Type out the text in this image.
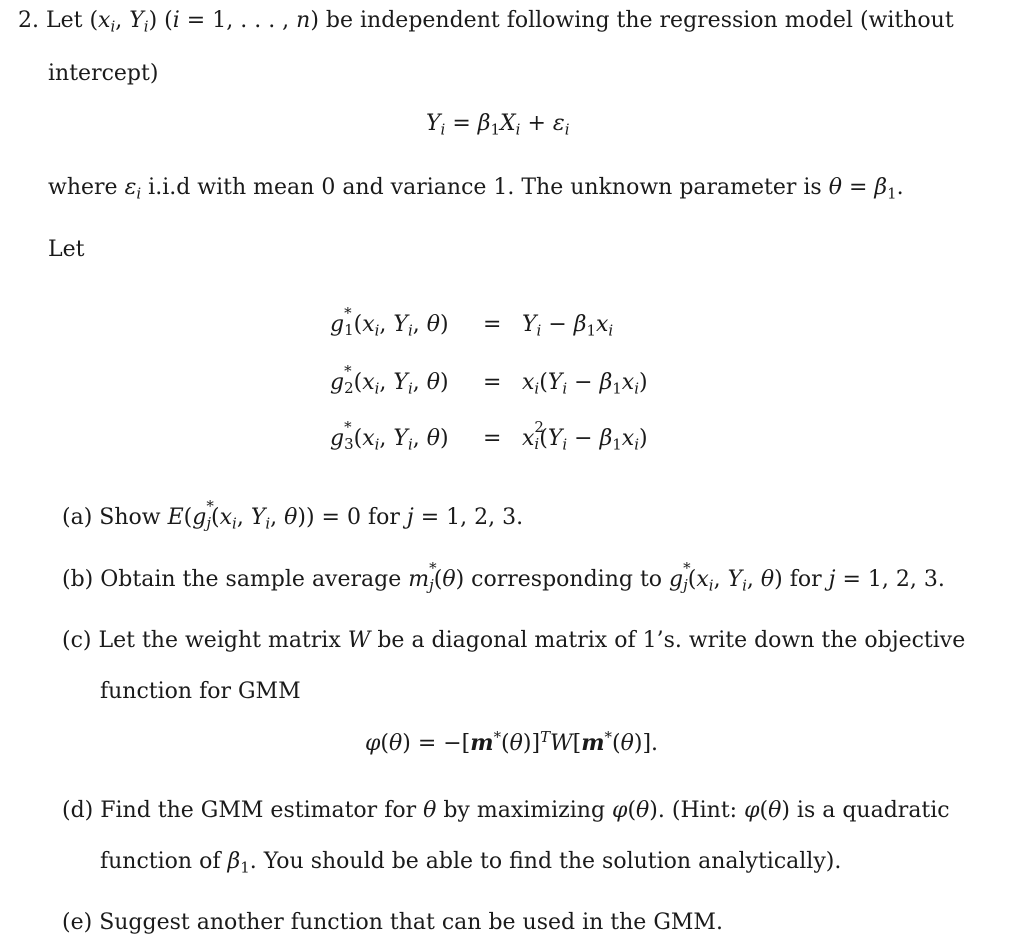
2. Let ($x_i$, $Y_i$) (i = 1, . . . , n) be independent following the regression model (without
intercept)
$Y_i = \beta_1X_i + \varepsilon_i$
where $\varepsilon_i$ i.i.d with mean 0 and variance 1. The unknown parameter is $\theta = \beta_1$.
Let
g *
$_1(x_i$, $Y_i$, $\theta) = Y_i - \beta_1x_i$
g *
$_2(x_i$, $Y_i$, $\theta) = x_i(Y_i - \beta_1x_i)$
g *
$_3(x_i$, $Y_i$, θ) = x 2
$_i(Y_i - \beta_1x_i)$
(a) Show E(g *
$_j(x_i$, $Y_i$, θ)) = 0 for j = 1, 2, 3.
(b) Obtain the sample average m *
$_j$(θ) corresponding to g *
$_j(x_i$, $Y_i$, θ) for j = 1, 2, 3.
(c) Let the weight matrix W be a diagonal matrix of 1’s. write down the objective
function for GMM
$\varphi(\theta) = -[m^*(\theta)]^TW[m^*(\theta)]$.
(d) Find the GMM estimator for θ by maximizing φ(θ). (Hint: φ(θ) is a quadratic
function of $\beta_1$. You should be able to find the solution analytically).
(e) Suggest another function that can be used in the GMM.
